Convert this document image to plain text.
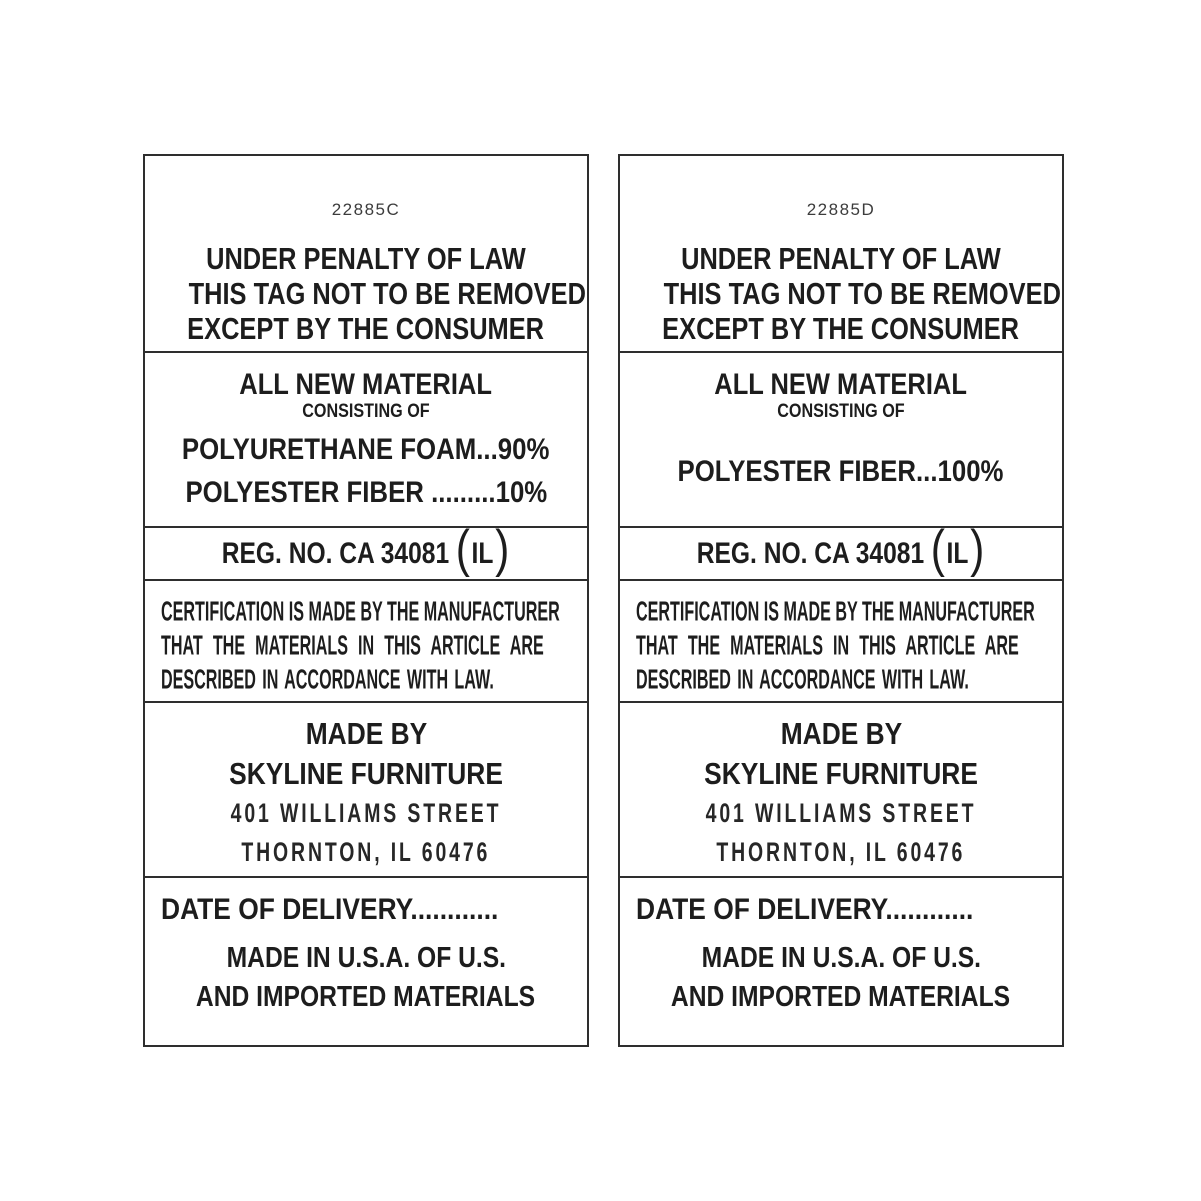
22885C
UNDER PENALTY OF LAW
THIS TAG NOT TO BE REMOVED
EXCEPT BY THE CONSUMER
ALL NEW MATERIAL
CONSISTING OF
POLYURETHANE FOAM...90%
POLYESTER FIBER .........10%
REG. NO. CA 34081 (IL)
CERTIFICATION IS MADE BY THE MANUFACTURER
THAT THE MATERIALS IN THIS ARTICLE ARE
DESCRIBED IN ACCORDANCE WITH LAW.
MADE BY
SKYLINE FURNITURE
401 WILLIAMS STREET
THORNTON, IL 60476
DATE OF DELIVERY............
MADE IN U.S.A. OF U.S.
AND IMPORTED MATERIALS
22885D
UNDER PENALTY OF LAW
THIS TAG NOT TO BE REMOVED
EXCEPT BY THE CONSUMER
ALL NEW MATERIAL
CONSISTING OF
POLYESTER FIBER...100%
REG. NO. CA 34081 (IL)
CERTIFICATION IS MADE BY THE MANUFACTURER
THAT THE MATERIALS IN THIS ARTICLE ARE
DESCRIBED IN ACCORDANCE WITH LAW.
MADE BY
SKYLINE FURNITURE
401 WILLIAMS STREET
THORNTON, IL 60476
DATE OF DELIVERY............
MADE IN U.S.A. OF U.S.
AND IMPORTED MATERIALS
